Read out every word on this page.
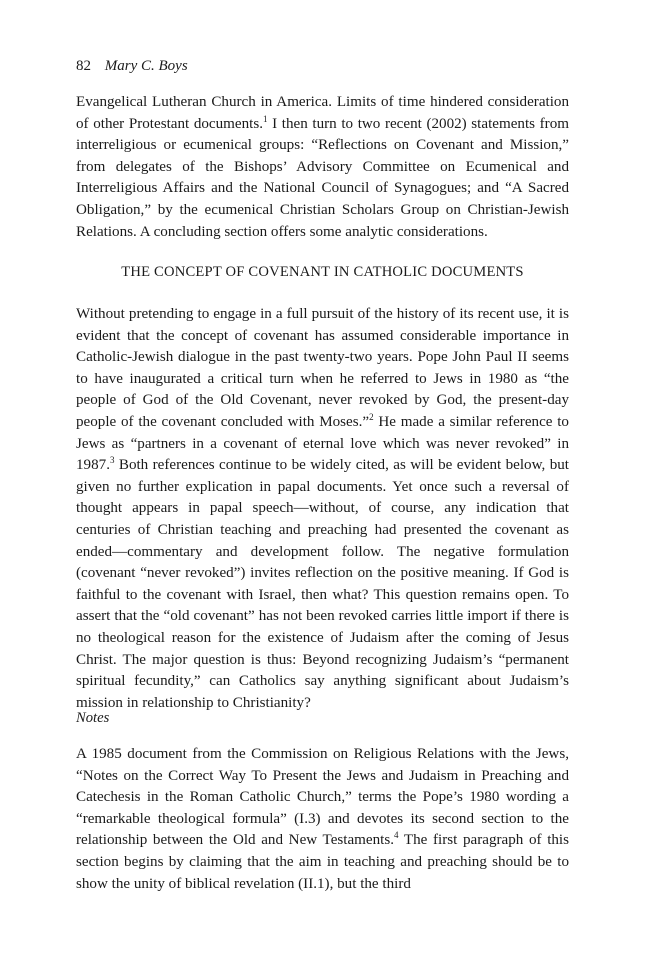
82 Mary C. Boys

Evangelical Lutheran Church in America. Limits of time hindered consideration of other Protestant documents.$^1$ I then turn to two recent (2002) statements from interreligious or ecumenical groups: “Reflections on Covenant and Mission,” from delegates of the Bishops’ Advisory Committee on Ecumenical and Interreligious Affairs and the National Council of Synagogues; and “A Sacred Obligation,” by the ecumenical Christian Scholars Group on Christian-Jewish Relations. A concluding section offers some analytic considerations.

THE CONCEPT OF COVENANT IN CATHOLIC DOCUMENTS

Without pretending to engage in a full pursuit of the history of its recent use, it is evident that the concept of covenant has assumed considerable importance in Catholic-Jewish dialogue in the past twenty-two years. Pope John Paul II seems to have inaugurated a critical turn when he referred to Jews in 1980 as “the people of God of the Old Covenant, never revoked by God, the present-day people of the covenant concluded with Moses.”$^2$ He made a similar reference to Jews as “partners in a covenant of eternal love which was never revoked” in 1987.$^3$ Both references continue to be widely cited, as will be evident below, but given no further explication in papal documents. Yet once such a reversal of thought appears in papal speech—without, of course, any indication that centuries of Christian teaching and preaching had presented the covenant as ended—commentary and development follow. The negative formulation (covenant “never revoked”) invites reflection on the positive meaning. If God is faithful to the covenant with Israel, then what? This question remains open. To assert that the “old covenant” has not been revoked carries little import if there is no theological reason for the existence of Judaism after the coming of Jesus Christ. The major question is thus: Beyond recognizing Judaism’s “permanent spiritual fecundity,” can Catholics say anything significant about Judaism’s mission in relationship to Christianity?

Notes

A 1985 document from the Commission on Religious Relations with the Jews, “Notes on the Correct Way To Present the Jews and Judaism in Preaching and Catechesis in the Roman Catholic Church,” terms the Pope’s 1980 wording a “remarkable theological formula” (I.3) and devotes its second section to the relationship between the Old and New Testaments.$^4$ The first paragraph of this section begins by claiming that the aim in teaching and preaching should be to show the unity of biblical revelation (II.1), but the third
